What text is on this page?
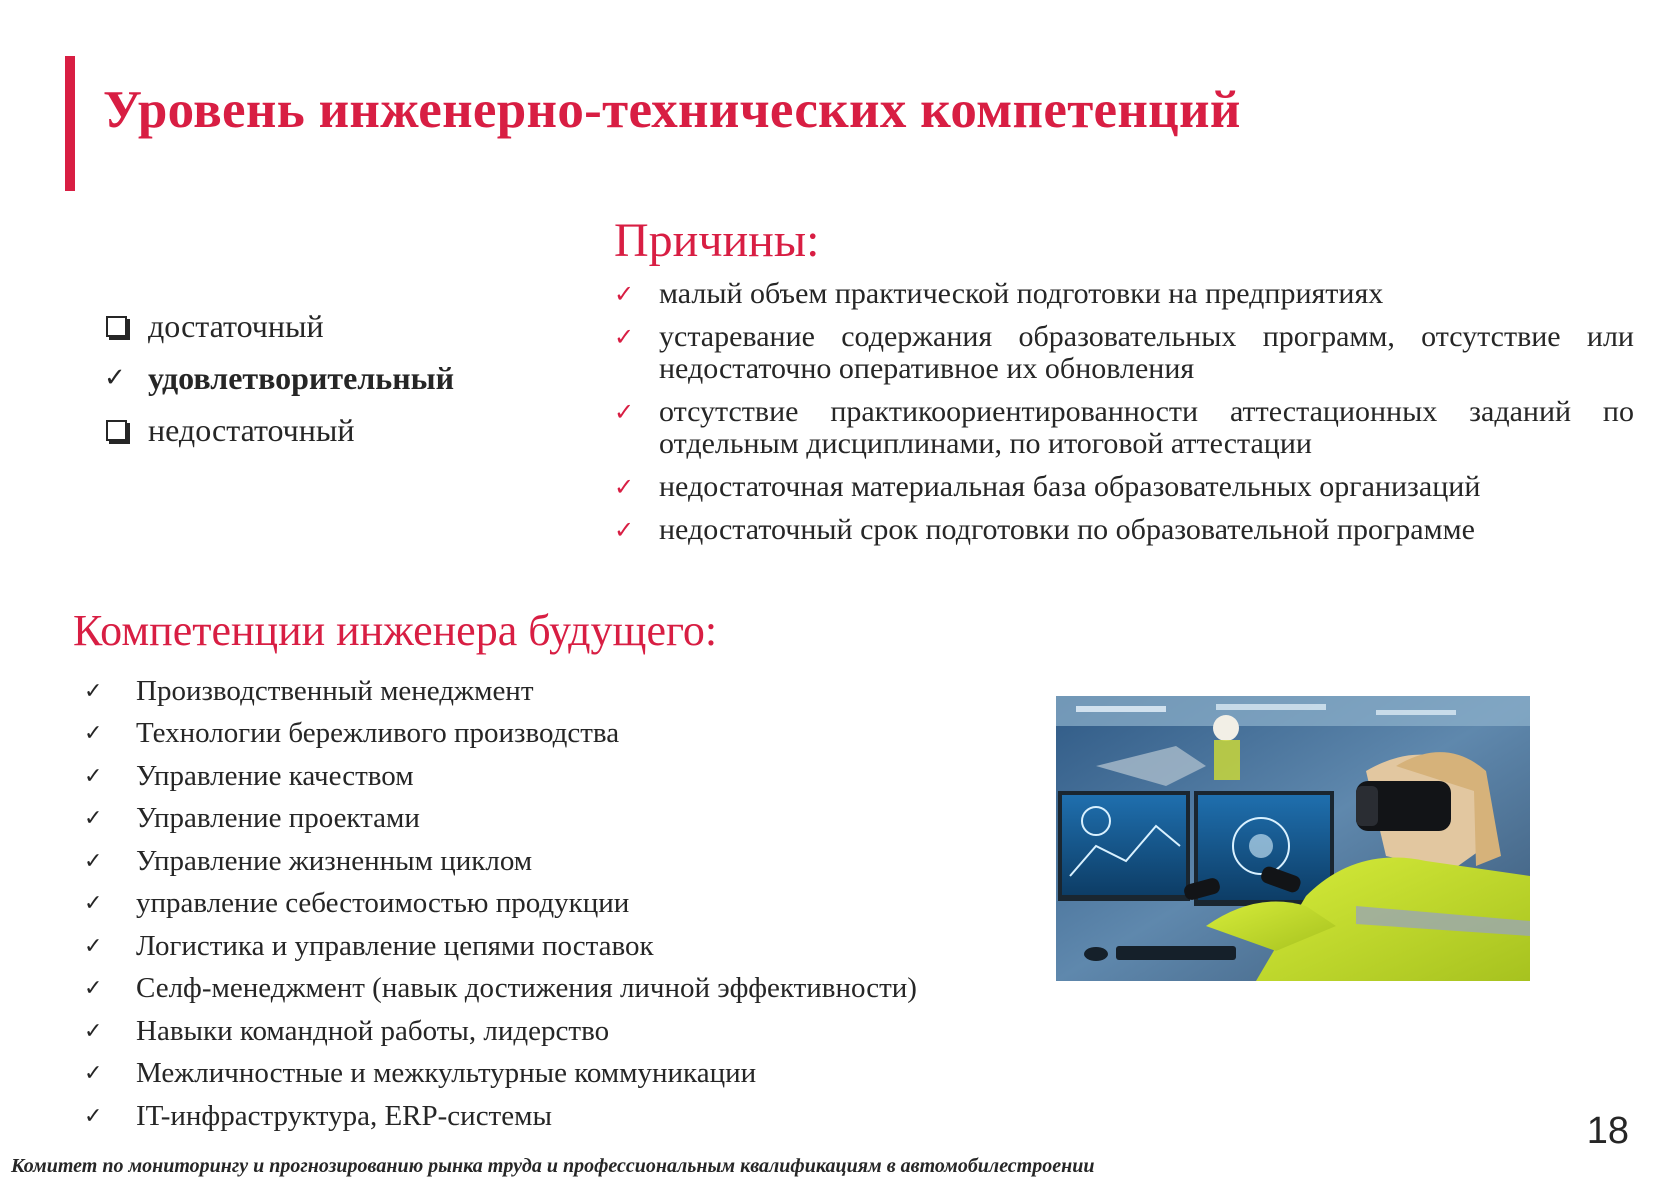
Уровень инженерно-технических компетенций
достаточный
✓ удовлетворительный
недостаточный
Причины:
✓ малый объем практической подготовки на предприятиях
✓ устаревание содержания образовательных программ, отсутствие или недостаточно оперативное их обновления
✓ отсутствие практикоориентированности аттестационных заданий по отдельным дисциплинами, по итоговой аттестации
✓ недостаточная материальная база образовательных организаций
✓ недостаточный срок подготовки по образовательной программе
Компетенции инженера будущего:
✓	Производственный менеджмент
✓	Технологии бережливого производства
✓	Управление качеством
✓	Управление проектами
✓	Управление жизненным циклом
✓	управление себестоимостью продукции
✓	Логистика и управление цепями поставок
✓	Селф-менеджмент (навык достижения личной эффективности)
✓	Навыки командной работы, лидерство
✓	Межличностные и межкультурные коммуникации
✓	IT-инфраструктура, ERP-системы	18
Комитет по мониторингу и прогнозированию рынка труда и профессиональным квалификациям в автомобилестроении
